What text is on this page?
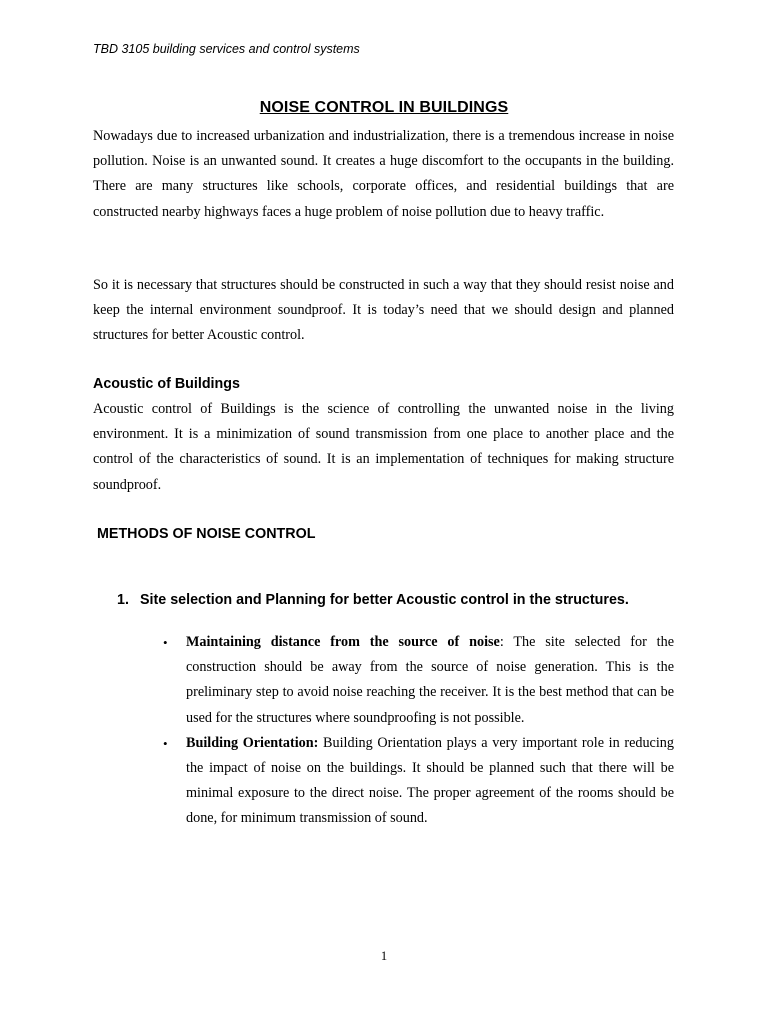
TBD 3105 building services and control systems
NOISE CONTROL IN BUILDINGS

Nowadays due to increased urbanization and industrialization, there is a tremendous increase in noise pollution. Noise is an unwanted sound. It creates a huge discomfort to the occupants in the building. There are many structures like schools, corporate offices, and residential buildings that are constructed nearby highways faces a huge problem of noise pollution due to heavy traffic.

So it is necessary that structures should be constructed in such a way that they should resist noise and keep the internal environment soundproof. It is today’s need that we should design and planned structures for better Acoustic control.

Acoustic of Buildings

Acoustic control of Buildings is the science of controlling the unwanted noise in the living environment. It is a minimization of sound transmission from one place to another place and the control of the characteristics of sound. It is an implementation of techniques for making structure soundproof.

METHODS OF NOISE CONTROL

1. Site selection and Planning for better Acoustic control in the structures.

• Maintaining distance from the source of noise: The site selected for the construction should be away from the source of noise generation. This is the preliminary step to avoid noise reaching the receiver. It is the best method that can be used for the structures where soundproofing is not possible.
• Building Orientation: Building Orientation plays a very important role in reducing the impact of noise on the buildings. It should be planned such that there will be minimal exposure to the direct noise. The proper agreement of the rooms should be done, for minimum transmission of sound.
1
